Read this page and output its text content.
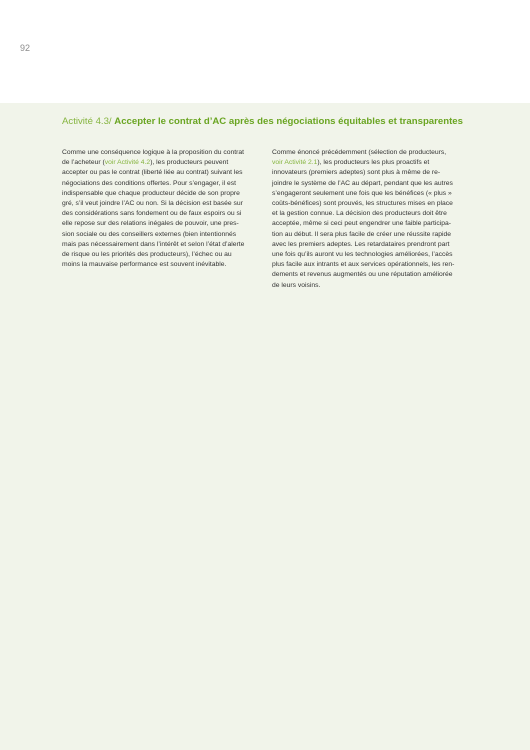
92
Activité 4.3/ Accepter le contrat d’AC après des négociations équitables et transparentes
Comme une conséquence logique à la proposition du contrat
de l’acheteur (voir Activité 4.2), les producteurs peuvent
accepter ou pas le contrat (liberté liée au contrat) suivant les
négociations des conditions offertes. Pour s’engager, il est
indispensable que chaque producteur décide de son propre
gré, s’il veut joindre l’AC ou non. Si la décision est basée sur
des considérations sans fondement ou de faux espoirs ou si
elle repose sur des relations inégales de pouvoir, une pres-
sion sociale ou des conseillers externes (bien intentionnés
mais pas nécessairement dans l’intérêt et selon l’état d’alerte
de risque ou les priorités des producteurs), l’échec ou au
moins la mauvaise performance est souvent inévitable.
Comme énoncé précédemment (sélection de producteurs,
voir Activité 2.1), les producteurs les plus proactifs et
innovateurs (premiers adeptes) sont plus à même de re-
joindre le système de l’AC au départ, pendant que les autres
s’engageront seulement une fois que les bénéfices (« plus »
coûts-bénéfices) sont prouvés, les structures mises en place
et la gestion connue. La décision des producteurs doit être
acceptée, même si ceci peut engendrer une faible participa-
tion au début. Il sera plus facile de créer une réussite rapide
avec les premiers adeptes. Les retardataires prendront part
une fois qu’ils auront vu les technologies améliorées, l’accès
plus facile aux intrants et aux services opérationnels, les ren-
dements et revenus augmentés ou une réputation améliorée
de leurs voisins.
